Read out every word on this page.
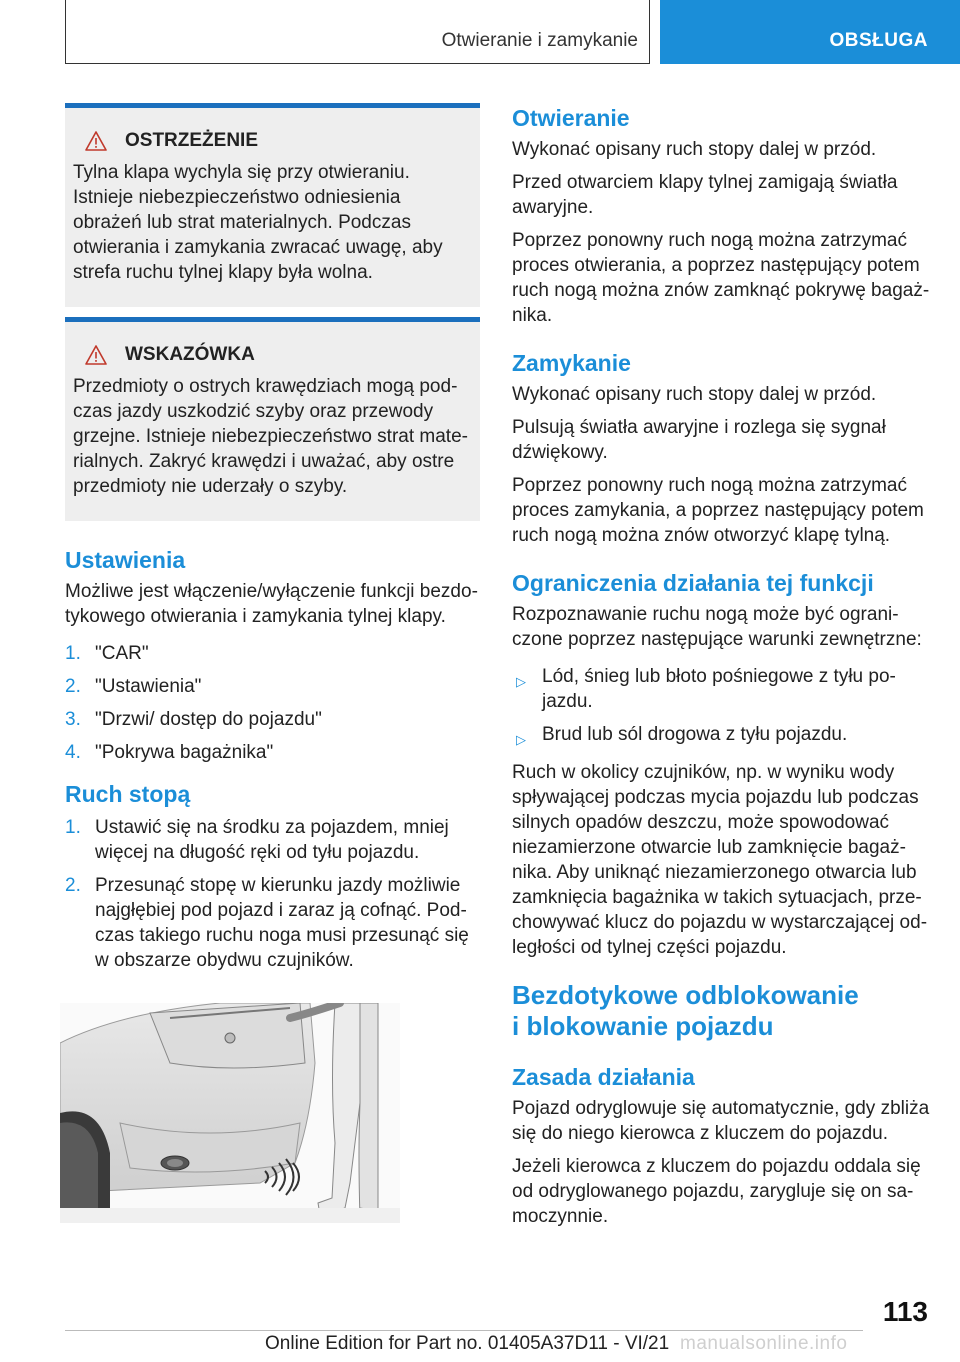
Otwieranie i zamykanie	OBSŁUGA
OSTRZEŻENIE
Tylna klapa wychyla się przy otwieraniu. Istnieje niebezpieczeństwo odniesienia obrażeń lub strat materialnych. Podczas otwierania i zamykania zwracać uwagę, aby strefa ruchu tylnej klapy była wolna.
WSKAZÓWKA
Przedmioty o ostrych krawędziach mogą podczas jazdy uszkodzić szyby oraz przewody grzejne. Istnieje niebezpieczeństwo strat materialnych. Zakryć krawędzi i uważać, aby ostre przedmioty nie uderzały o szyby.
Ustawienia
Możliwe jest włączenie/wyłączenie funkcji bezdotykowego otwierania i zamykania tylnej klapy.
1. "CAR"
2. "Ustawienia"
3. "Drzwi/ dostęp do pojazdu"
4. "Pokrywa bagażnika"
Ruch stopą
1. Ustawić się na środku za pojazdem, mniej więcej na długość ręki od tyłu pojazdu.
2. Przesunąć stopę w kierunku jazdy możliwie najgłębiej pod pojazd i zaraz ją cofnąć. Podczas takiego ruchu noga musi przesunąć się w obszarze obydwu czujników.
Otwieranie
Wykonać opisany ruch stopy dalej w przód.
Przed otwarciem klapy tylnej zamigają światła awaryjne.
Poprzez ponowny ruch nogą można zatrzymać proces otwierania, a poprzez następujący potem ruch nogą można znów zamknąć pokrywę bagażnika.
Zamykanie
Wykonać opisany ruch stopy dalej w przód.
Pulsują światła awaryjne i rozlega się sygnał dźwiękowy.
Poprzez ponowny ruch nogą można zatrzymać proces zamykania, a poprzez następujący potem ruch nogą można znów otworzyć klapę tylną.
Ograniczenia działania tej funkcji
Rozpoznawanie ruchu nogą może być ograniczone poprzez następujące warunki zewnętrzne:
▷ Lód, śnieg lub błoto pośniegowe z tyłu pojazdu.
▷ Brud lub sól drogowa z tyłu pojazdu.
Ruch w okolicy czujników, np. w wyniku wody spływającej podczas mycia pojazdu lub podczas silnych opadów deszczu, może spowodować niezamierzone otwarcie lub zamknięcie bagażnika. Aby uniknąć niezamierzonego otwarcia lub zamknięcia bagażnika w takich sytuacjach, przechowywać klucz do pojazdu w wystarczającej odległości od tylnej części pojazdu.
Bezdotykowe odblokowanie
i blokowanie pojazdu
Zasada działania
Pojazd odryglowuje się automatycznie, gdy zbliża się do niego kierowca z kluczem do pojazdu.
Jeżeli kierowca z kluczem do pojazdu oddala się od odryglowanego pojazdu, zarygluje się on samoczynnie.
113
Online Edition for Part no. 01405A37D11 - VI/21 manualsonline.info
